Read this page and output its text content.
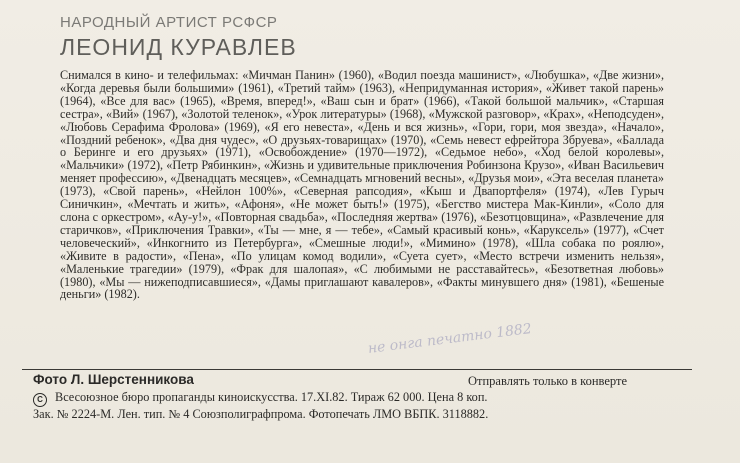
НАРОДНЫЙ АРТИСТ РСФСР
ЛЕОНИД КУРАВЛЕВ

Снимался в кино- и телефильмах: «Мичман Панин» (1960), «Водил поезда машинист», «Любушка», «Две жизни», «Когда деревья были большими» (1961), «Третий тайм» (1963), «Непридуманная история», «Живет такой парень» (1964), «Все для вас» (1965), «Время, вперед!», «Ваш сын и брат» (1966), «Такой большой мальчик», «Старшая сестра», «Вий» (1967), «Золотой теленок», «Урок литературы» (1968), «Мужской разговор», «Крах», «Неподсуден», «Любовь Серафима Фролова» (1969), «Я его невеста», «День и вся жизнь», «Гори, гори, моя звезда», «Начало», «Поздний ребенок», «Два дня чудес», «О друзьях-товарищах» (1970), «Семь невест ефрейтора Збруева», «Баллада о Беринге и его друзьях» (1971), «Освобождение» (1970—1972), «Седьмое небо», «Ход белой королевы», «Мальчики» (1972), «Петр Рябинкин», «Жизнь и удивительные приключения Робинзона Крузо», «Иван Васильевич меняет профессию», «Двенадцать месяцев», «Семнадцать мгновений весны», «Друзья мои», «Эта веселая планета» (1973), «Свой парень», «Нейлон 100%», «Северная рапсодия», «Кыш и Двапортфеля» (1974), «Лев Гурыч Синичкин», «Мечтать и жить», «Афоня», «Не может быть!» (1975), «Бегство мистера Мак-Кинли», «Соло для слона с оркестром», «Ау-у!», «Повторная свадьба», «Последняя жертва» (1976), «Безотцовщина», «Развлечение для старичков», «Приключения Травки», «Ты — мне, я — тебе», «Самый красивый конь», «Каруксель» (1977), «Счет человеческий», «Инкогнито из Петербурга», «Смешные люди!», «Мимино» (1978), «Шла собака по роялю», «Живите в радости», «Пена», «По улицам комод водили», «Суета сует», «Место встречи изменить нельзя», «Маленькие трагедии» (1979), «Фрак для шалопая», «С любимыми не расставайтесь», «Безответная любовь» (1980), «Мы — нижеподписавшиеся», «Дамы приглашают кавалеров», «Факты минувшего дня» (1981), «Бешеные деньги» (1982).

не онга печатно 1882
Фото Л. Шерстенникова	Отправлять только в конверте
C Всесоюзное бюро пропаганды киноискусства. 17.XI.82. Тираж 62 000. Цена 8 коп.
Зак. № 2224-М. Лен. тип. № 4 Союзполиграфпрома. Фотопечать ЛМО ВБПК. 3118882.
